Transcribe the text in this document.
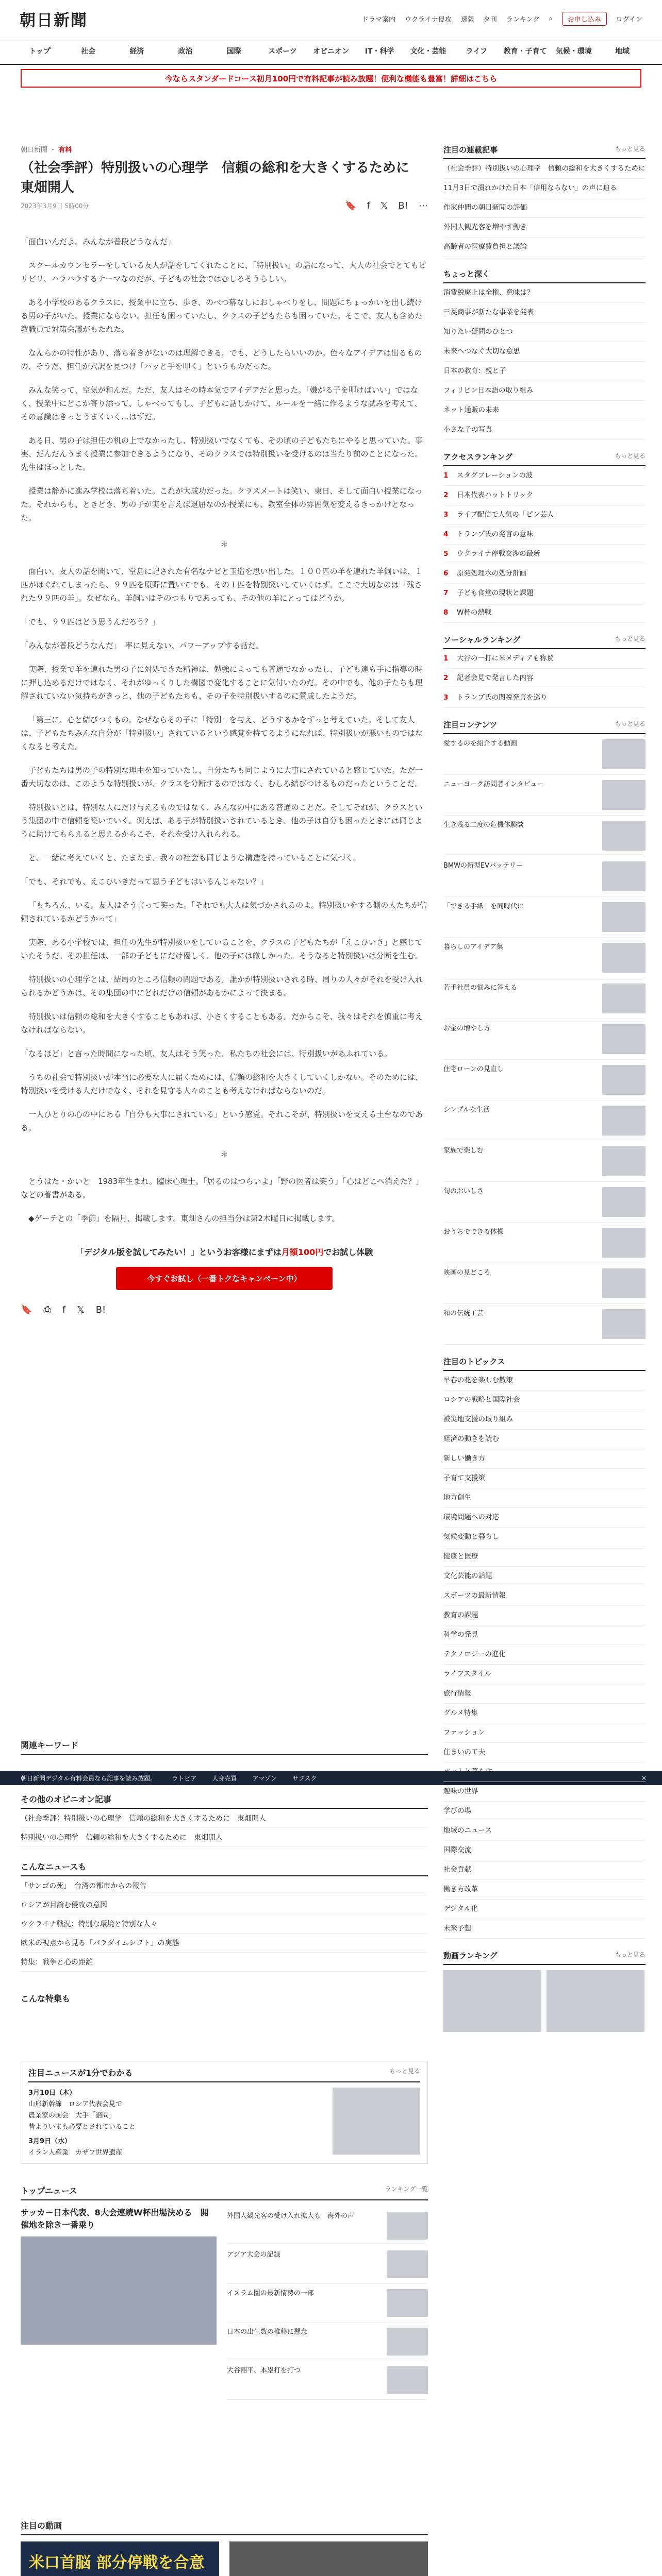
朝日新聞	ドラマ案内 ウクライナ侵攻 速報 夕刊 ランキング ⌕	お申し込み	ログイン
トップ	社会	経済	政治	国際	スポーツ	オピニオン	IT・科学	文化・芸能	ライフ	教育・子育て	気候・環境	地域
今ならスタンダードコース初月100円で有料記事が読み放題！便利な機能も豊富！詳細はこちら
朝日新聞 ・ 有料
（社会季評）特別扱いの心理学　信頼の総和を大きくするために　東畑開人
2023年3月9日 5時00分	🔖 f 𝕏 B! ⋯

「面白いんだよ。みんなが普段どうなんだ」

スクールカウンセラーをしている友人が話をしてくれたことに、「特別扱い」の話になって、大人の社会でとてもビリビリ、ハラハラするテーマなのだが、子どもの社会ではむしろそうらしい。

ある小学校のあるクラスに、授業中に立ち、歩き、のべつ幕なしにおしゃべりをし、問題にちょっかいを出し続ける男の子がいた。授業にならない。担任も困っていたし、クラスの子どもたちも困っていた。そこで、友人も含めた教職員で対策会議がもたれた。

なんらかの特性があり、落ち着きがないのは理解できる。でも、どうしたらいいのか。色々なアイデアは出るものの、そうだ、担任が穴訳を見つけ「ハッと手を叩く」というものだった。

みんな笑って、空気が和んだ。ただ、友人はその時本気でアイデアだと思った。「嫌がる子を叩けばいい」ではなく、授業中にどこか寄り添って、しゃべってもし、子どもに話しかけて、ルールを一緒に作るような試みを考えて、その意識はきっとうまくいく…はずだ。

ある日、男の子は担任の机の上でなかったし、特別扱いでなくても、その頃の子どもたちにやると思っていた。事実、だんだんうまく授業に参加できるようになり、そのクラスでは特別扱いを受けるのは当たり前のことになった。先生はほっとした。

授業は静かに進み学校は落ち着いた。これが大成功だった。クラスメートは笑い、東日、そして面白い授業になった。それからも、ときどき、男の子が実を言えば退屈なのか授業にも、教室全体の雰囲気を変えるきっかけとなった。

＊

面白い。友人の話を聞いて、堂島に記された有名なナビと玉造を思い出した。１００匹の羊を連れた羊飼いは、１匹がはぐれてしまったら、９９匹を原野に置いてでも、その１匹を特別扱いしていくはず。ここで大切なのは「残された９９匹の羊」。なぜなら、羊飼いはそのつもりであっても、その他の羊にとってはどうか。

「でも、９９匹はどう思うんだろう？」

「みんなが普段どうなんだ」　率に見えない、パワーアップする話だ。

実際、授業で羊を連れた男の子に対処できた精神は、勉強によっても普通でなかったし、子ども達も手に指導の時に押し込めるだけではなく、それがゆっくりした構図で変化することに気付いたのだ。その中でも、他の子たちも理解されていない気持ちがきっと、他の子どもたちも、その子を特別扱いするのに賛成したようだ。

「第三に、心と結びつくもの。なぜならその子に「特別」を与え、どうするかをずっと考えていた。そして友人は、子どもたちみんな自分が「特別扱い」されているという感覚を持てるようになれば、特別扱いが悪いものではなくなると考えた。

子どもたちは男の子の特別な理由を知っていたし、自分たちも同じように大事にされていると感じていた。ただ一番大切なのは、このような特別扱いが、クラスを分断するのではなく、むしろ結びつけるものだったということだ。

特別扱いとは、特別な人にだけ与えるものではなく、みんなの中にある普通のことだ。そしてそれが、クラスという集団の中で信頼を築いていく。例えば、ある子が特別扱いされているとき、他の子は自分も困ったときには同じように助けてもらえると思えるからこそ、それを受け入れられる。

と、一緒に考えていくと、たまたま、我々の社会も同じような構造を持っていることに気づく。

「でも、それでも、えこひいきだって思う子どもはいるんじゃない？」

「もちろん、いる。友人はそう言って笑った。「それでも大人は気づかされるのよ。特別扱いをする側の人たちが信頼されているかどうかって」

実際、ある小学校では、担任の先生が特別扱いをしていることを、クラスの子どもたちが「えこひいき」と感じていたそうだ。その担任は、一部の子どもにだけ優しく、他の子には厳しかった。そうなると特別扱いは分断を生む。

特別扱いの心理学とは、結局のところ信頼の問題である。誰かが特別扱いされる時、周りの人々がそれを受け入れられるかどうかは、その集団の中にどれだけの信頼があるかによって決まる。

特別扱いは信頼の総和を大きくすることもあれば、小さくすることもある。だからこそ、我々はそれを慎重に考えなければならない。

「なるほど」と言った時間になった頃、友人はそう笑った。私たちの社会には、特別扱いがあふれている。

うちの社会で特別扱いが本当に必要な人に届くためには、信頼の総和を大きくしていくしかない。そのためには、特別扱いを受ける人だけでなく、それを見守る人々のことも考えなければならないのだ。

一人ひとりの心の中にある「自分も大事にされている」という感覚。それこそが、特別扱いを支える土台なのである。

＊

とうはた・かいと　1983年生まれ。臨床心理士。「居るのはつらいよ」「野の医者は笑う」「心はどこへ消えた？」などの著書がある。

◆ゲーテとの「季節」を隔月、掲載します。東畑さんの担当分は第2木曜日に掲載します。

「デジタル版を試してみたい！」というお客様にまずは月額100円でお試し体験
今すぐお試し（一番トクなキャンペーン中）
🔖 ⎙ f 𝕏 B!
関連キーワード
朝日新聞デジタル有料会員なら記事を読み放題。	ラトビア	人身売買	アマゾン	サブスク	×
その他のオピニオン記事
（社会季評）特別扱いの心理学　信頼の総和を大きくするために　東畑開人
特別扱いの心理学　信頼の総和を大きくするために　東畑開人
こんなニュースも
「サンゴの死」　台湾の都市からの報告
ロシアが目論む侵攻の意図
ウクライナ戦況：特別な環境と特別な人々
欧米の視点から見る「パラダイムシフト」の実態
特集：戦争と心の距離
こんな特集も
注目ニュースが1分でわかる	もっと見る
3月10日（木）
山形新幹線　ロシア代表会見で
農業家の国会　大手「諮問」
昔よりいまも必要とされていること
3月9日（水）
イラン人産業　カザフ世界遺産
トップニュース	ランキング一覧
サッカー日本代表、8大会連続W杯出場決める　開催地を除き一番乗り
外国人観光客の受け入れ拡大も　海外の声
アジア大会の記録
イスラム圏の最新情勢の一部
日本の出生数の推移に懸念
大谷翔平、本塁打を打つ
注目の動画
米口首脳 部分停戦を合意
注目の連載記事	もっと見る
（社会季評）特別扱いの心理学　信頼の総和を大きくするために
11月3日で潰れかけた日本「信用ならない」の声に迫る
作家仲間の朝日新聞の評価
外国人観光客を増やす動き
高齢者の医療費負担と議論
ちょっと深く
消費税廃止は全権、意味は？
三菱商事が新たな事業を発表
知りたい疑問のひとつ
未来へつなぐ大切な意思
日本の教育：親と子
フィリピン日本語の取り組み
ネット通販の未来
小さな子の写真
アクセスランキング	もっと見る
1	スタグフレーションの波
2	日本代表ハットトリック
3	ライブ配信で人気の「ピン芸人」
4	トランプ氏の発言の意味
5	ウクライナ停戦交渉の最新
6	原発処理水の処分計画
7	子ども食堂の現状と課題
8	W杯の熱戦
ソーシャルランキング	もっと見る
1	大谷の一打に米メディアも称賛
2	記者会見で発言した内容
3	トランプ氏の関税発言を巡り
注目コンテンツ	もっと見る
愛するのを紹介する動画
ニューヨーク訪問者インタビュー
生き残る二度の危機体験談
BMWの新型EVバッテリー
「できる手紙」を同時代に
暮らしのアイデア集
若手社員の悩みに答える
お金の増やし方
住宅ローンの見直し
シンプルな生活
家族で楽しむ
旬のおいしさ
おうちでできる体操
映画の見どころ
和の伝統工芸
注目のトピックス
早春の花を楽しむ散策
ロシアの戦略と国際社会
被災地支援の取り組み
経済の動きを読む
新しい働き方
子育て支援策
地方創生
環境問題への対応
気候変動と暮らし
健康と医療
文化芸能の話題
スポーツの最新情報
教育の課題
科学の発見
テクノロジーの進化
ライフスタイル
旅行情報
グルメ特集
ファッション
住まいの工夫
ペットと暮らす
趣味の世界
学びの場
地域のニュース
国際交流
社会貢献
働き方改革
デジタル化
未来予想
動画ランキング	もっと見る
